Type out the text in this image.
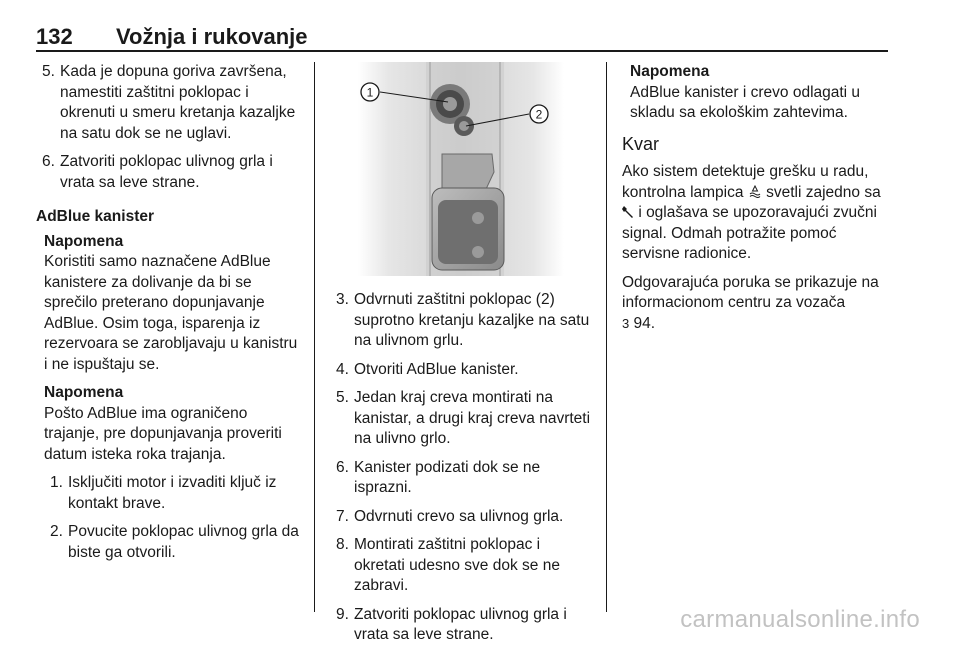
132 Vožnja i rukovanje
5. Kada je dopuna goriva završena, namestiti zaštitni poklopac i okrenuti u smeru kretanja kazaljke na satu dok se ne uglavi.
6. Zatvoriti poklopac ulivnog grla i vrata sa leve strane.
AdBlue kanister
Napomena
Koristiti samo naznačene AdBlue kanistere za dolivanje da bi se sprečilo preterano dopunjavanje AdBlue. Osim toga, isparenja iz rezervoara se zarobljavaju u kanistru i ne ispuštaju se.
Napomena
Pošto AdBlue ima ograničeno trajanje, pre dopunjavanja proveriti datum isteka roka trajanja.
1. Isključiti motor i izvaditi ključ iz kontakt brave.
2. Povucite poklopac ulivnog grla da biste ga otvorili.
1
2
3. Odvrnuti zaštitni poklopac (2) suprotno kretanju kazaljke na satu na ulivnom grlu.
4. Otvoriti AdBlue kanister.
5. Jedan kraj creva montirati na kanistar, a drugi kraj creva navrteti na ulivno grlo.
6. Kanister podizati dok se ne isprazni.
7. Odvrnuti crevo sa ulivnog grla.
8. Montirati zaštitni poklopac i okretati udesno sve dok se ne zabravi.
9. Zatvoriti poklopac ulivnog grla i vrata sa leve strane.
Napomena
AdBlue kanister i crevo odlagati u skladu sa ekološkim zahtevima.
Kvar
Ako sistem detektuje grešku u radu, kontrolna lampica svetli zajedno sa  i oglašava se upozoravajući zvučni signal. Odmah potražite pomoć servisne radionice.
Odgovarajuća poruka se prikazuje na informacionom centru za vozača
3 94.
carmanualsonline.info
